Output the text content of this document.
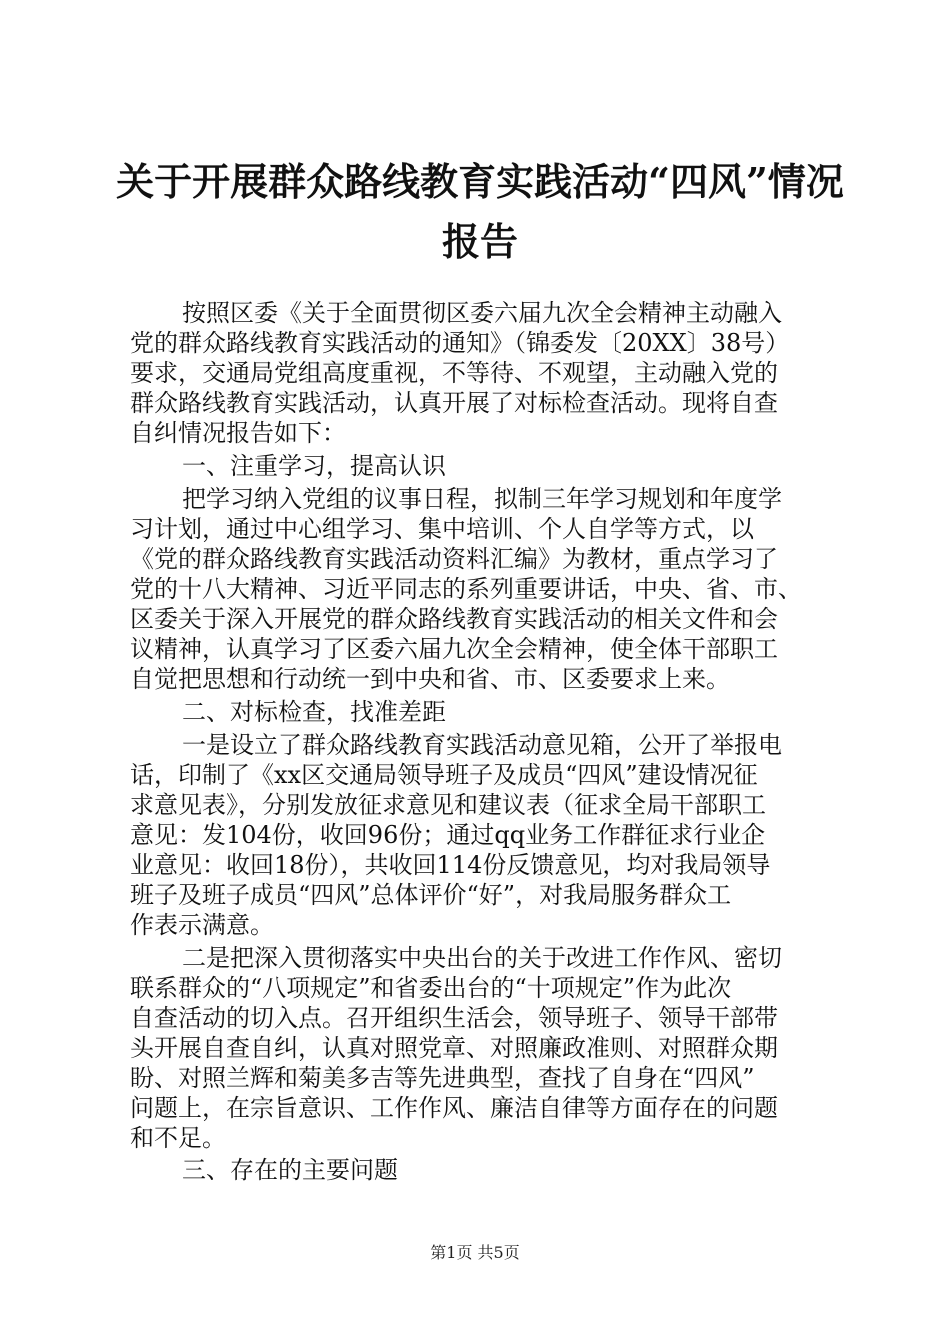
关于开展群众路线教育实践活动“四风”情况
报告
按照区委《关于全面贯彻区委六届九次全会精神主动融入
党的群众路线教育实践活动的通知》（锦委发〔20XX〕38号）
要求，交通局党组高度重视，不等待、不观望，主动融入党的
群众路线教育实践活动，认真开展了对标检查活动。现将自查
自纠情况报告如下：
一、注重学习，提高认识
把学习纳入党组的议事日程，拟制三年学习规划和年度学
习计划，通过中心组学习、集中培训、个人自学等方式，以
《党的群众路线教育实践活动资料汇编》为教材，重点学习了
党的十八大精神、习近平同志的系列重要讲话，中央、省、市、
区委关于深入开展党的群众路线教育实践活动的相关文件和会
议精神，认真学习了区委六届九次全会精神，使全体干部职工
自觉把思想和行动统一到中央和省、市、区委要求上来。
二、对标检查，找准差距
一是设立了群众路线教育实践活动意见箱，公开了举报电
话，印制了《xx区交通局领导班子及成员“四风”建设情况征
求意见表》，分别发放征求意见和建议表（征求全局干部职工
意见：发104份，收回96份；通过qq业务工作群征求行业企
业意见：收回18份），共收回114份反馈意见，均对我局领导
班子及班子成员“四风”总体评价“好”，对我局服务群众工
作表示满意。
二是把深入贯彻落实中央出台的关于改进工作作风、密切
联系群众的“八项规定”和省委出台的“十项规定”作为此次
自查活动的切入点。召开组织生活会，领导班子、领导干部带
头开展自查自纠，认真对照党章、对照廉政准则、对照群众期
盼、对照兰辉和菊美多吉等先进典型，查找了自身在“四风”
问题上，在宗旨意识、工作作风、廉洁自律等方面存在的问题
和不足。
三、存在的主要问题
第1页 共5页
